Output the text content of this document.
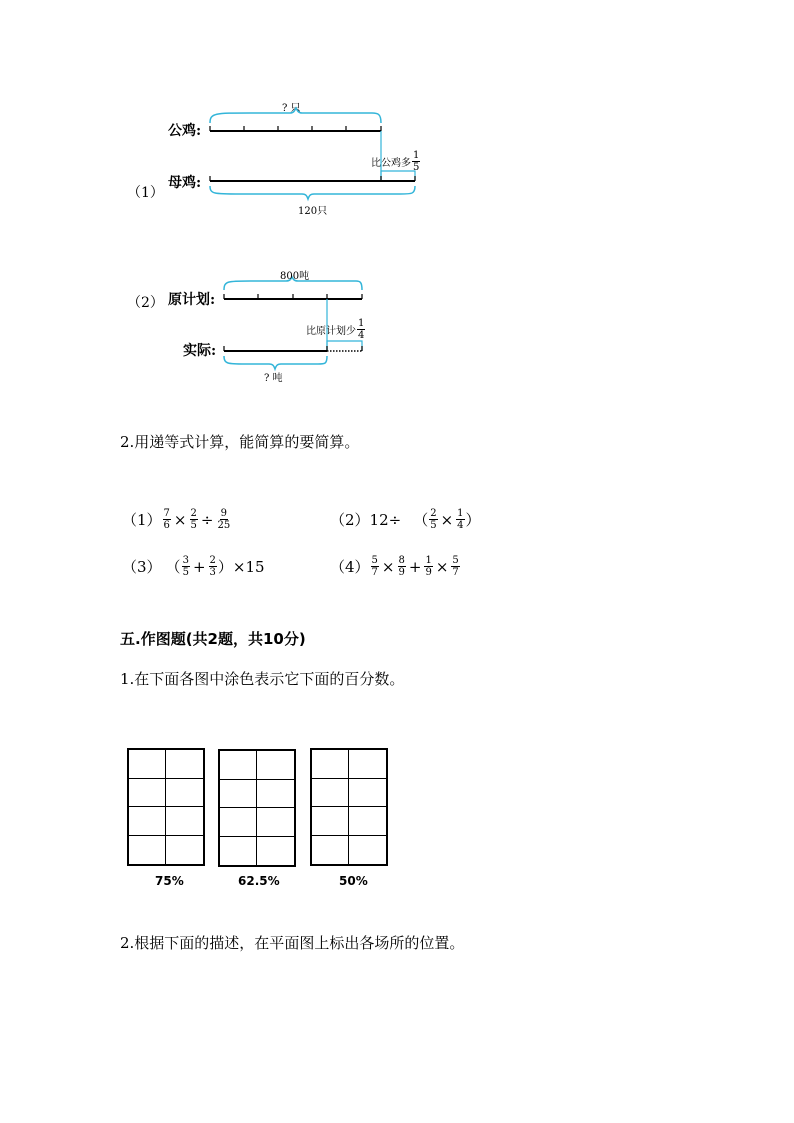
（1）
公鸡:
母鸡:
? 只
比公鸡多 $\frac{1}{5}$
120只
（2） 原计划:
实际:
800吨
比原计划少 $\frac{1}{4}$
? 吨
2.用递等式计算，能简算的要简算。
$(1) \frac{7}{6} \times \frac{2}{5} \div \frac{9}{25}$	（2） 12÷ （ $\frac{2}{5} \times \frac{1}{4}$ ）
（3） （ $\frac{3}{5} + \frac{2}{3}$ ） ×15	$(4) \frac{5}{7} \times \frac{8}{9} + \frac{1}{9} \times \frac{5}{7}$
五.作图题(共2题，共10分)
1.在下面各图中涂色表示它下面的百分数。
75%	62.5%	50%
2.根据下面的描述，在平面图上标出各场所的位置。
